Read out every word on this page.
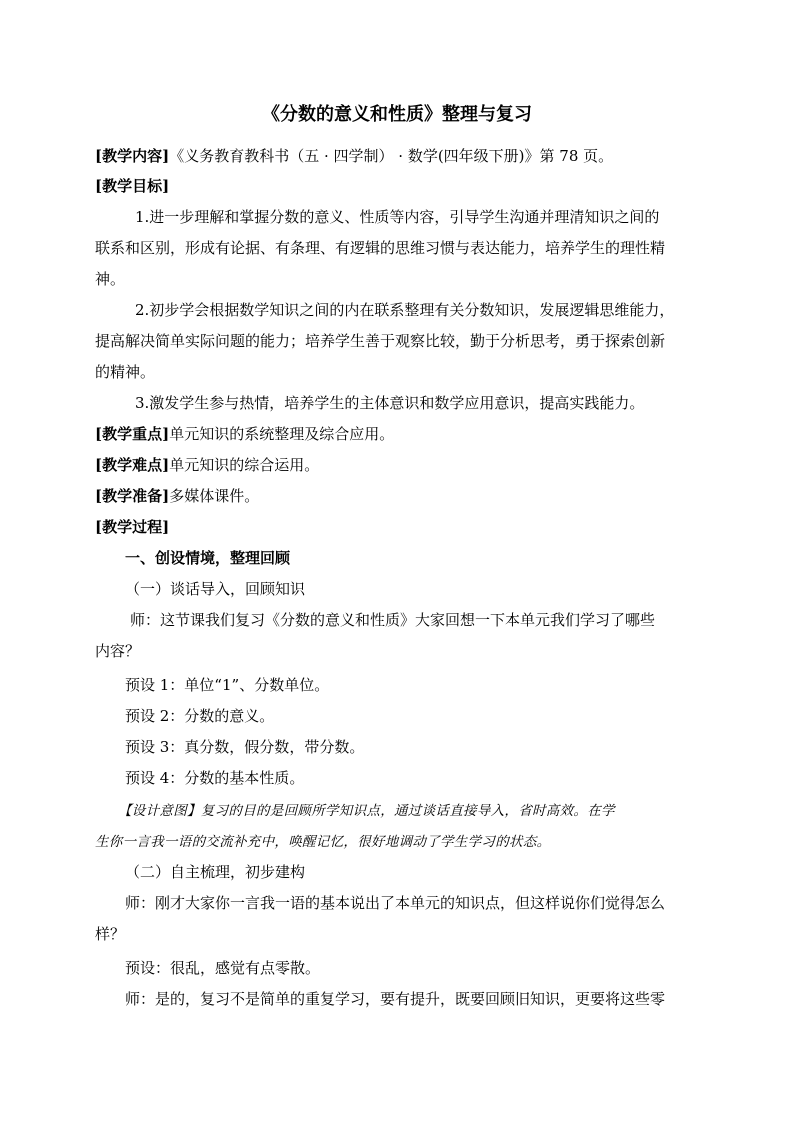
《分数的意义和性质》整理与复习
[教学内容]《义务教育教科书（五 · 四学制） · 数学(四年级下册)》第 78 页。
[教学目标]
1.进一步理解和掌握分数的意义、性质等内容，引导学生沟通并理清知识之间的
联系和区别，形成有论据、有条理、有逻辑的思维习惯与表达能力，培养学生的理性精
神。
2.初步学会根据数学知识之间的内在联系整理有关分数知识，发展逻辑思维能力，
提高解决简单实际问题的能力；培养学生善于观察比较，勤于分析思考，勇于探索创新
的精神。
3.激发学生参与热情，培养学生的主体意识和数学应用意识，提高实践能力。
[教学重点]单元知识的系统整理及综合应用。
[教学难点]单元知识的综合运用。
[教学准备]多媒体课件。
[教学过程]
一、创设情境，整理回顾
（一）谈话导入，回顾知识
师：这节课我们复习《分数的意义和性质》大家回想一下本单元我们学习了哪些
内容？
预设 1：单位“1”、分数单位。
预设 2：分数的意义。
预设 3：真分数，假分数，带分数。
预设 4：分数的基本性质。
【设计意图】复习的目的是回顾所学知识点，通过谈话直接导入，省时高效。在学
生你一言我一语的交流补充中，唤醒记忆，很好地调动了学生学习的状态。
（二）自主梳理，初步建构
师：刚才大家你一言我一语的基本说出了本单元的知识点，但这样说你们觉得怎么
样？
预设：很乱，感觉有点零散。
师：是的，复习不是简单的重复学习，要有提升，既要回顾旧知识，更要将这些零
